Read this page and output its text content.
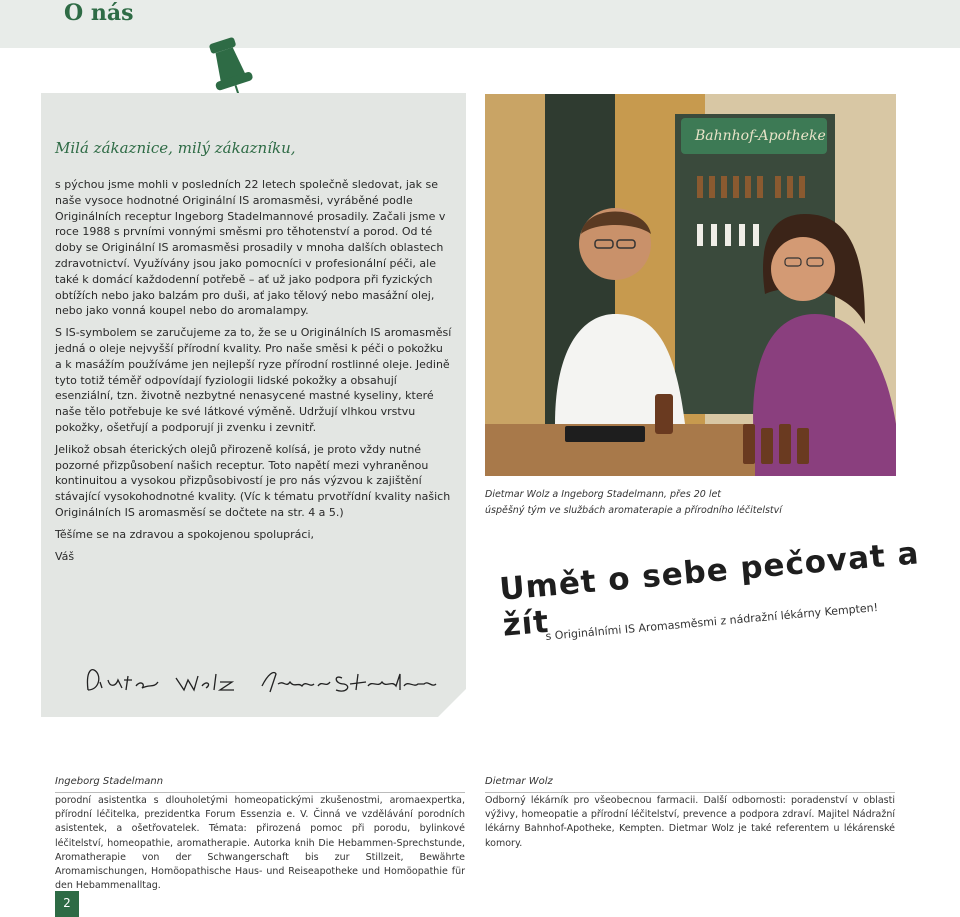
O nás
Milá zákaznice, milý zákazníku,

s pýchou jsme mohli v posledních 22 letech společně sledovat, jak se naše vysoce hodnotné Originální IS aromasměsi, vyráběné podle Originálních receptur Ingeborg Stadelmannové prosadily. Začali jsme v roce 1988 s prvními vonnými směsmi pro těhotenství a porod. Od té doby se Originální IS aromasměsi prosadily v mnoha dalších oblastech zdravotnictví. Využívány jsou jako pomocníci v profesionální péči, ale také k domácí každodenní potřebě – ať už jako podpora při fyzických obtížích nebo jako balzám pro duši, ať jako tělový nebo masážní olej, nebo jako vonná koupel nebo do aromalampy.

S IS-symbolem se zaručujeme za to, že se u Originálních IS aromasměsí jedná o oleje nejvyšší přírodní kvality. Pro naše směsi k péči o pokožku a k masážím používáme jen nejlepší ryze přírodní rostlinné oleje. Jedině tyto totiž téměř odpovídají fyziologii lidské pokožky a obsahují esenziální, tzn. životně nezbytné nenasycené mastné kyseliny, které naše tělo potřebuje ke své látkové výměně. Udržují vlhkou vrstvu pokožky, ošetřují a podporují ji zvenku i zevnitř.

Jelikož obsah éterických olejů přirozeně kolísá, je proto vždy nutné pozorné přizpůsobení našich receptur. Toto napětí mezi vyhraněnou kontinuitou a vysokou přizpůsobivostí je pro nás výzvou k zajištění stávající vysokohodnotné kvality. (Víc k tématu prvotřídní kvality našich Originálních IS aromasměsí se dočtete na str. 4 a 5.)

Těšíme se na zdravou a spokojenou spolupráci,

Váš

Bahnhof-Apotheke
Dietmar Wolz a Ingeborg Stadelmann, přes 20 let
úspěšný tým ve službách aromaterapie a přírodního léčitelství
Umět o sebe pečovat a žít
s Originálními IS Aromasměsmi z nádražní lékárny Kempten!
Ingeborg Stadelmann
porodní asistentka s dlouholetými homeopatickými zkušenostmi, aromaexpertka, přírodní léčitelka, prezidentka Forum Essenzia e. V. Činná ve vzdělávání porodních asistentek, a ošetřovatelek. Témata: přirozená pomoc při porodu, bylinkové léčitelství, homeopathie, aromatherapie. Autorka knih Die Hebammen-Sprechstunde, Aromatherapie von der Schwangerschaft bis zur Stillzeit, Bewährte Aromamischungen, Homöopathische Haus- und Reiseapotheke und Homöopathie für den Hebammenalltag.
Dietmar Wolz
Odborný lékárník pro všeobecnou farmacii. Další odbornosti: poradenství v oblasti výživy, homeopatie a přírodní léčitelství, prevence a podpora zdraví. Majitel Nádražní lékárny Bahnhof-Apotheke, Kempten. Dietmar Wolz je také referentem u lékárenské komory.
2
